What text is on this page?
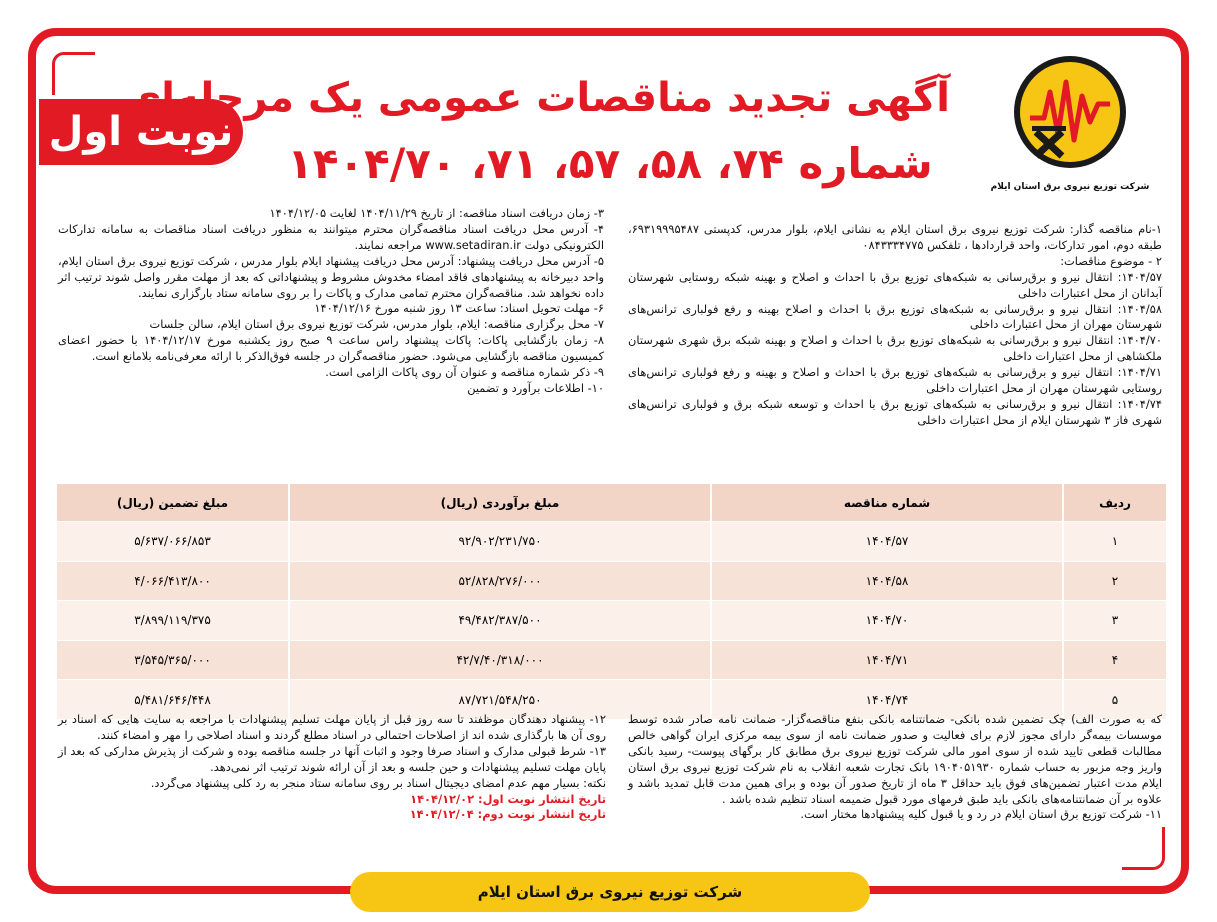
نوبت اول
آگهی تجدید مناقصات عمومی یک مرحله‌ای
شماره ۷۴، ۵۸، ۵۷، ۷۱، ۱۴۰۴/۷۰	شرکت توزیع نیروی برق استان ایلام

۱-نام مناقصه گذار: شرکت توزیع نیروی برق استان ایلام به نشانی ایلام، بلوار مدرس، کدپستی ۶۹۳۱۹۹۹۵۴۸۷، طبقه دوم، امور تدارکات، واحد قراردادها ، تلفکس ۰۸۴۳۳۳۴۷۷۵

۲ - موضوع مناقصات:

۱۴۰۴/۵۷: انتقال نیرو و برق‌رسانی به شبکه‌های توزیع برق با احداث و اصلاح و بهینه شبکه روستایی شهرستان آبدانان از محل اعتبارات داخلی

۱۴۰۴/۵۸: انتقال نیرو و برق‌رسانی به شبکه‌های توزیع برق با احداث و اصلاح بهینه و رفع فولباری ترانس‌های شهرستان مهران از محل اعتبارات داخلی

۱۴۰۴/۷۰: انتقال نیرو و برق‌رسانی به شبکه‌های توزیع برق با احداث و اصلاح و بهینه شبکه برق شهری شهرستان ملکشاهی از محل اعتبارات داخلی

۱۴۰۴/۷۱: انتقال نیرو و برق‌رسانی به شبکه‌های توزیع برق با احداث و اصلاح و بهینه و رفع فولباری ترانس‌های روستایی شهرستان مهران از محل اعتبارات داخلی

۱۴۰۴/۷۴: انتقال نیرو و برق‌رسانی به شبکه‌های توزیع برق با احداث و توسعه شبکه برق و فولباری ترانس‌های شهری فاز ۳ شهرستان ایلام از محل اعتبارات داخلی

۳- زمان دریافت اسناد مناقصه: از تاریخ ۱۴۰۴/۱۱/۲۹ لغایت ۱۴۰۴/۱۲/۰۵

۴- آدرس محل دریافت اسناد مناقصه‌گران محترم میتوانند به منظور دریافت اسناد مناقصات به سامانه تدارکات الکترونیکی دولت www.setadiran.ir مراجعه نمایند.

۵- آدرس محل دریافت پیشنهاد: آدرس محل دریافت پیشنهاد ایلام بلوار مدرس ، شرکت توزیع نیروی برق استان ایلام، واحد دبیرخانه به پیشنهادهای فاقد امضاء مخدوش مشروط و پیشنهاداتی که بعد از مهلت مقرر واصل شوند ترتیب اثر داده نخواهد شد. مناقصه‌گران محترم تمامی مدارک و پاکات را بر روی سامانه ستاد بارگزاری نمایند.

۶- مهلت تحویل اسناد: ساعت ۱۳ روز شنبه مورخ ۱۴۰۴/۱۲/۱۶

۷- محل برگزاری مناقصه: ایلام، بلوار مدرس، شرکت توزیع نیروی برق استان ایلام، سالن جلسات

۸- زمان بازگشایی پاکات: پاکات پیشنهاد راس ساعت ۹ صبح روز یکشنبه مورخ ۱۴۰۴/۱۲/۱۷ با حضور اعضای کمیسیون مناقصه بازگشایی می‌شود. حضور مناقصه‌گران در جلسه فوق‌الذکر با ارائه معرفی‌نامه بلامانع است.

۹- ذکر شماره مناقصه و عنوان آن روی پاکات الزامی است.

۱۰- اطلاعات برآورد و تضمین

ردیف	شماره مناقصه	مبلغ برآوردی (ریال)	مبلغ تضمین (ریال)
۱	۱۴۰۴/۵۷	۹۲/۹۰۲/۲۳۱/۷۵۰	۵/۶۳۷/۰۶۶/۸۵۳
۲	۱۴۰۴/۵۸	۵۲/۸۲۸/۲۷۶/۰۰۰	۴/۰۶۶/۴۱۳/۸۰۰
۳	۱۴۰۴/۷۰	۴۹/۴۸۲/۳۸۷/۵۰۰	۳/۸۹۹/۱۱۹/۳۷۵
۴	۱۴۰۴/۷۱	۴۲/۷/۴۰/۳۱۸/۰۰۰	۳/۵۴۵/۳۶۵/۰۰۰
۵	۱۴۰۴/۷۴	۸۷/۷۲۱/۵۴۸/۲۵۰	۵/۴۸۱/۶۴۶/۴۴۸

که به صورت الف) چک تضمین شده بانکی- ضمانتنامه بانکی بنفع مناقصه‌گزار- ضمانت نامه صادر شده توسط موسسات بیمه‌گر دارای مجوز لازم برای فعالیت و صدور ضمانت نامه از سوی بیمه مرکزی ایران گواهی خالص مطالبات قطعی تایید شده از سوی امور مالی شرکت توزیع نیروی برق مطابق کار برگهای پیوست- رسید بانکی واریز وجه مزبور به حساب شماره ۱۹۰۴۰۵۱۹۳۰ بانک تجارت شعبه انقلاب به نام شرکت توزیع نیروی برق استان ایلام مدت اعتبار تضمین‌های فوق باید حداقل ۳ ماه از تاریخ صدور آن بوده و برای همین مدت قابل تمدید باشد و علاوه بر آن ضمانتنامه‌های بانکی باید طبق فرمهای مورد قبول ضمیمه اسناد تنظیم شده باشد .

۱۱- شرکت توزیع برق استان ایلام در رد و یا قبول کلیه پیشنهادها مختار است.

۱۲- پیشنهاد دهندگان موظفند تا سه روز قبل از پایان مهلت تسلیم پیشنهادات با مراجعه به سایت هایی که اسناد بر روی آن ها بارگذاری شده اند از اصلاحات احتمالی در اسناد مطلع گردند و اسناد اصلاحی را مهر و امضاء کنند.

۱۳- شرط قبولی مدارک و اسناد صرفا وجود و اثبات آنها در جلسه مناقصه بوده و شرکت از پذیرش مدارکی که بعد از پایان مهلت تسلیم پیشنهادات و حین جلسه و بعد از آن ارائه شوند ترتیب اثر نمی‌دهد.

نکته: بسیار مهم عدم امضای دیجیتال اسناد بر روی سامانه ستاد منجر به رد کلی پیشنهاد می‌گردد.

تاریخ انتشار نوبت اول: ۱۴۰۴/۱۲/۰۲

تاریخ انتشار نوبت دوم: ۱۴۰۴/۱۲/۰۴

شرکت توزیع نیروی برق استان ایلام
